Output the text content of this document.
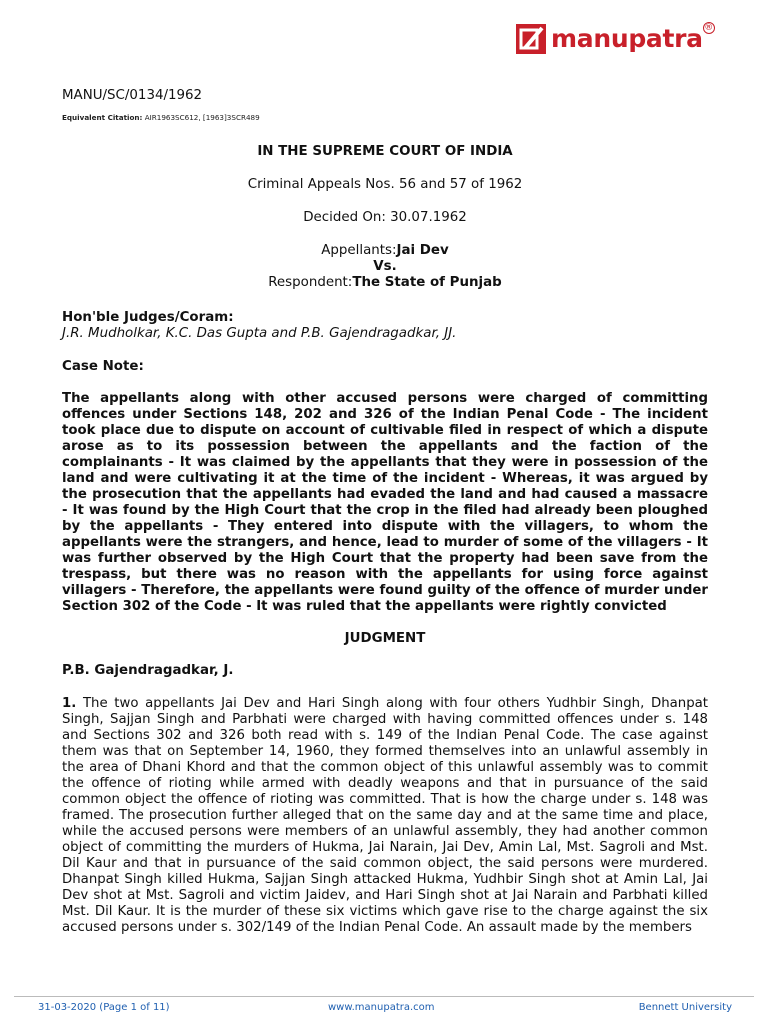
manupatra ®

MANU/SC/0134/1962

Equivalent Citation: AIR1963SC612, [1963]3SCR489

IN THE SUPREME COURT OF INDIA

Criminal Appeals Nos. 56 and 57 of 1962

Decided On: 30.07.1962

Appellants:Jai Dev
Vs.
Respondent:The State of Punjab

Hon'ble Judges/Coram:

J.R. Mudholkar, K.C. Das Gupta and P.B. Gajendragadkar, JJ.

Case Note:

The appellants along with other accused persons were charged of committing offences under Sections 148, 202 and 326 of the Indian Penal Code - The incident took place due to dispute on account of cultivable filed in respect of which a dispute arose as to its possession between the appellants and the faction of the complainants - It was claimed by the appellants that they were in possession of the land and were cultivating it at the time of the incident - Whereas, it was argued by the prosecution that the appellants had evaded the land and had caused a massacre - It was found by the High Court that the crop in the filed had already been ploughed by the appellants - They entered into dispute with the villagers, to whom the appellants were the strangers, and hence, lead to murder of some of the villagers - It was further observed by the High Court that the property had been save from the trespass, but there was no reason with the appellants for using force against villagers - Therefore, the appellants were found guilty of the offence of murder under Section 302 of the Code - It was ruled that the appellants were rightly convicted

JUDGMENT

P.B. Gajendragadkar, J.

1. The two appellants Jai Dev and Hari Singh along with four others Yudhbir Singh, Dhanpat Singh, Sajjan Singh and Parbhati were charged with having committed offences under s. 148 and Sections 302 and 326 both read with s. 149 of the Indian Penal Code. The case against them was that on September 14, 1960, they formed themselves into an unlawful assembly in the area of Dhani Khord and that the common object of this unlawful assembly was to commit the offence of rioting while armed with deadly weapons and that in pursuance of the said common object the offence of rioting was committed. That is how the charge under s. 148 was framed. The prosecution further alleged that on the same day and at the same time and place, while the accused persons were members of an unlawful assembly, they had another common object of committing the murders of Hukma, Jai Narain, Jai Dev, Amin Lal, Mst. Sagroli and Mst. Dil Kaur and that in pursuance of the said common object, the said persons were murdered. Dhanpat Singh killed Hukma, Sajjan Singh attacked Hukma, Yudhbir Singh shot at Amin Lal, Jai Dev shot at Mst. Sagroli and victim Jaidev, and Hari Singh shot at Jai Narain and Parbhati killed Mst. Dil Kaur. It is the murder of these six victims which gave rise to the charge against the six accused persons under s. 302/149 of the Indian Penal Code. An assault made by the members

31-03-2020 (Page 1 of 11)	www.manupatra.com	Bennett University
